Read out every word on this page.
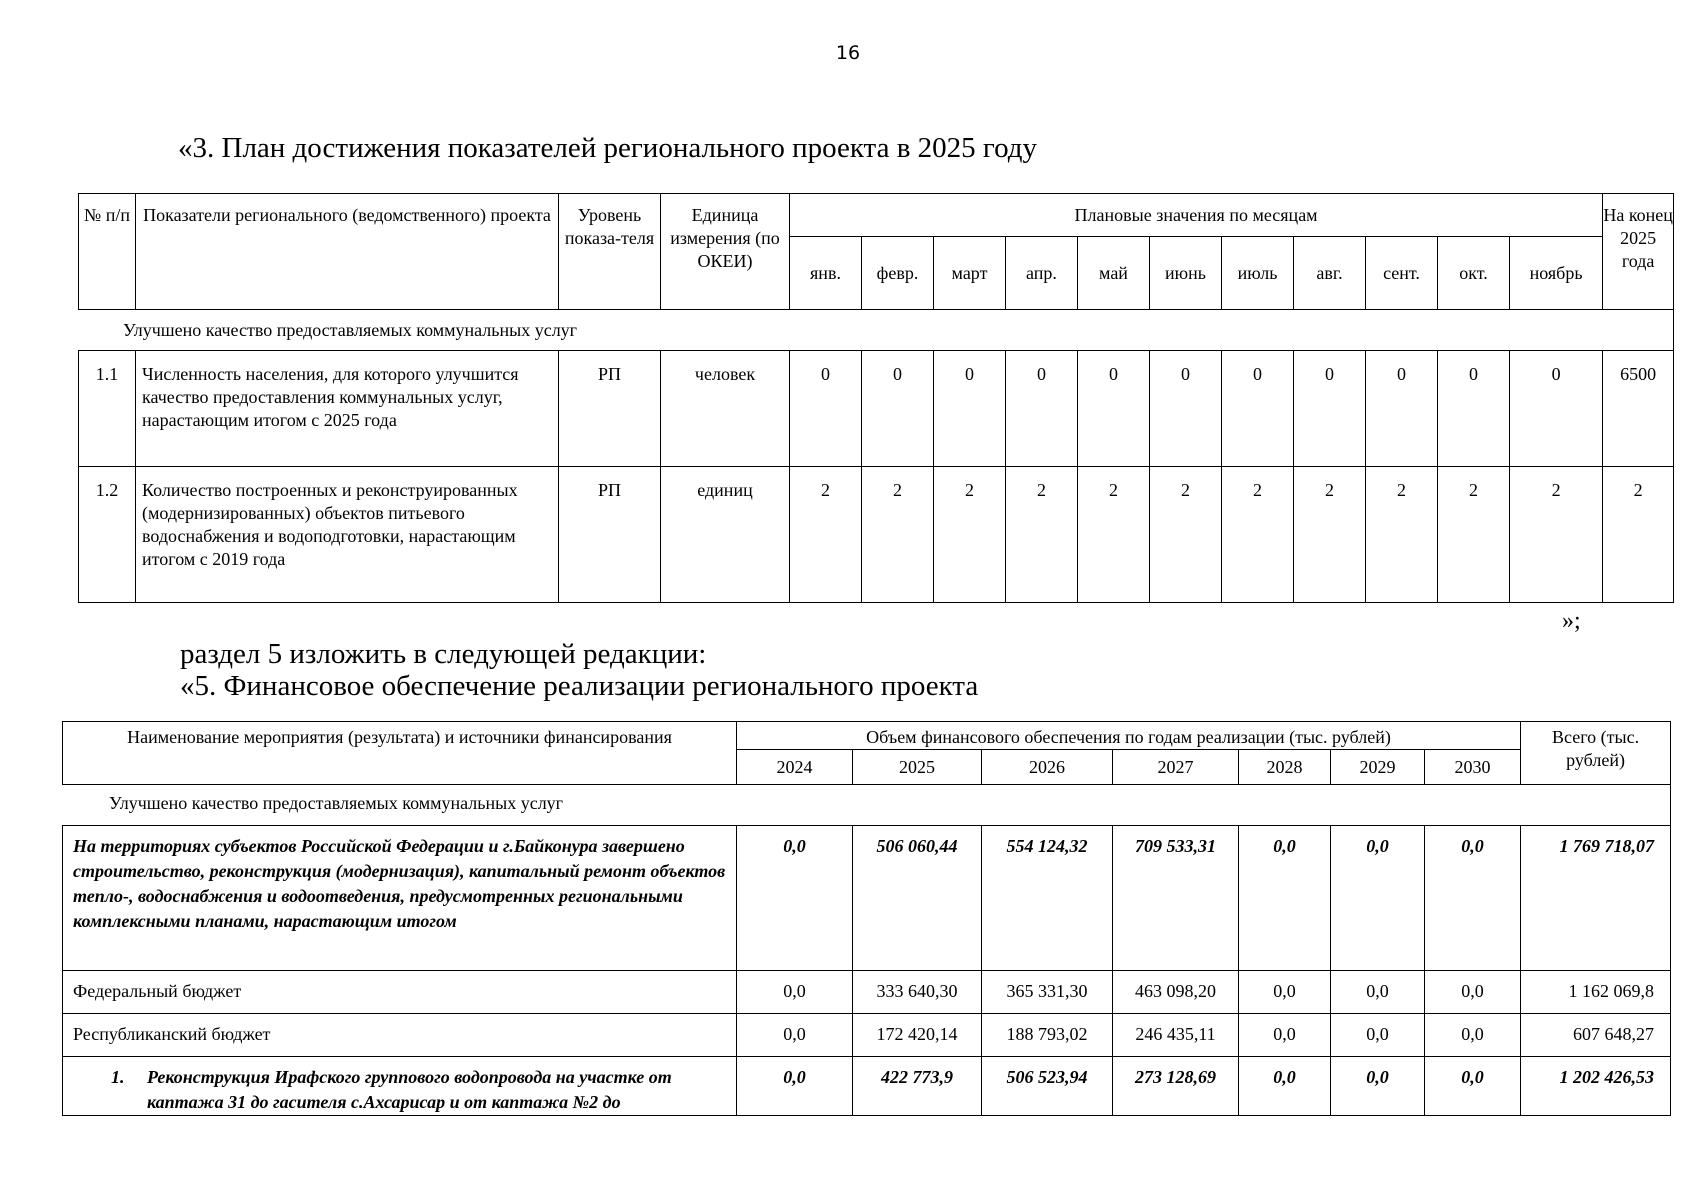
16
«3. План достижения показателей регионального проекта в 2025 году
№ п/п	Показатели регионального (ведомственного) проекта	Уровень показа-теля	Единица измерения (по ОКЕИ)	Плановые значения по месяцам											На конец 2025 года
				янв.	февр.	март	апр.	май	июнь	июль	авг.	сент.	окт.	ноябрь	
Улучшено качество предоставляемых коммунальных услуг															
1.1	Численность населения, для которого улучшится качество предоставления коммунальных услуг, нарастающим итогом с 2025 года	РП	человек	0	0	0	0	0	0	0	0	0	0	0	6500
1.2	Количество построенных и реконструированных (модернизированных) объектов питьевого водоснабжения и водоподготовки, нарастающим итогом с 2019 года	РП	единиц	2	2	2	2	2	2	2	2	2	2	2	2
»;
раздел 5 изложить в следующей редакции:
«5. Финансовое обеспечение реализации регионального проекта
Наименование мероприятия (результата) и источники финансирования	Объем финансового обеспечения по годам реализации (тыс. рублей)							Всего (тыс. рублей)
	2024	2025	2026	2027	2028	2029	2030	
Улучшено качество предоставляемых коммунальных услуг								
На территориях субъектов Российской Федерации и г.Байконура завершено строительство, реконструкция (модернизация), капитальный ремонт объектов тепло-, водоснабжения и водоотведения, предусмотренных региональными комплексными планами, нарастающим итогом	0,0	506 060,44	554 124,32	709 533,31	0,0	0,0	0,0	1 769 718,07
Федеральный бюджет	0,0	333 640,30	365 331,30	463 098,20	0,0	0,0	0,0	1 162 069,8
Республиканский бюджет	0,0	172 420,14	188 793,02	246 435,11	0,0	0,0	0,0	607 648,27

1. Реконструкция Ирафского группового водопровода на участке от каптажа 31 до гасителя с.Ахсарисар и от каптажа №2 до	0,0	422 773,9	506 523,94	273 128,69	0,0	0,0	0,0	1 202 426,53
